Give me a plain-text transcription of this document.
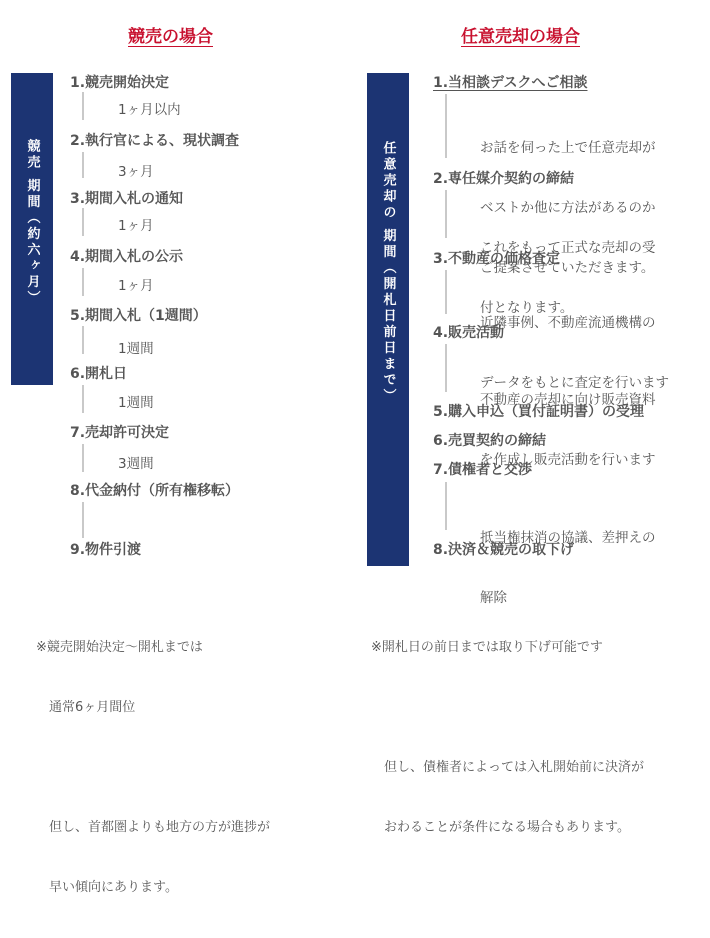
競売の場合
競売 期間（約六ヶ月）
1.競売開始決定
1ヶ月以内
2.執行官による、現状調査
3ヶ月
3.期間入札の通知
1ヶ月
4.期間入札の公示
1ヶ月
5.期間入札（1週間）
1週間
6.開札日
1週間
7.売却許可決定
3週間
8.代金納付（所有権移転）
9.物件引渡

※競売開始決定〜開札までは

　通常6ヶ月間位

　但し、首都圏よりも地方の方が進捗が

　早い傾向にあります。

任意売却の場合
任意売却の 期間（開札日前日まで）
1.当相談デスクへご相談

お話を伺った上で任意売却が

ベストか他に方法があるのか

ご提案させていただきます。

2.専任媒介契約の締結

これをもって正式な売却の受

付となります。

3.不動産の価格査定

近隣事例、不動産流通機構の

データをもとに査定を行います

4.販売活動

不動産の売却に向け販売資料

を作成し販売活動を行います

5.購入申込（買付証明書）の受理
6.売買契約の締結
7.債権者と交渉

抵当権抹消の協議、差押えの

解除

8.決済＆競売の取下げ

※開札日の前日までは取り下げ可能です

　但し、債権者によっては入札開始前に決済が

　おわることが条件になる場合もあります。
